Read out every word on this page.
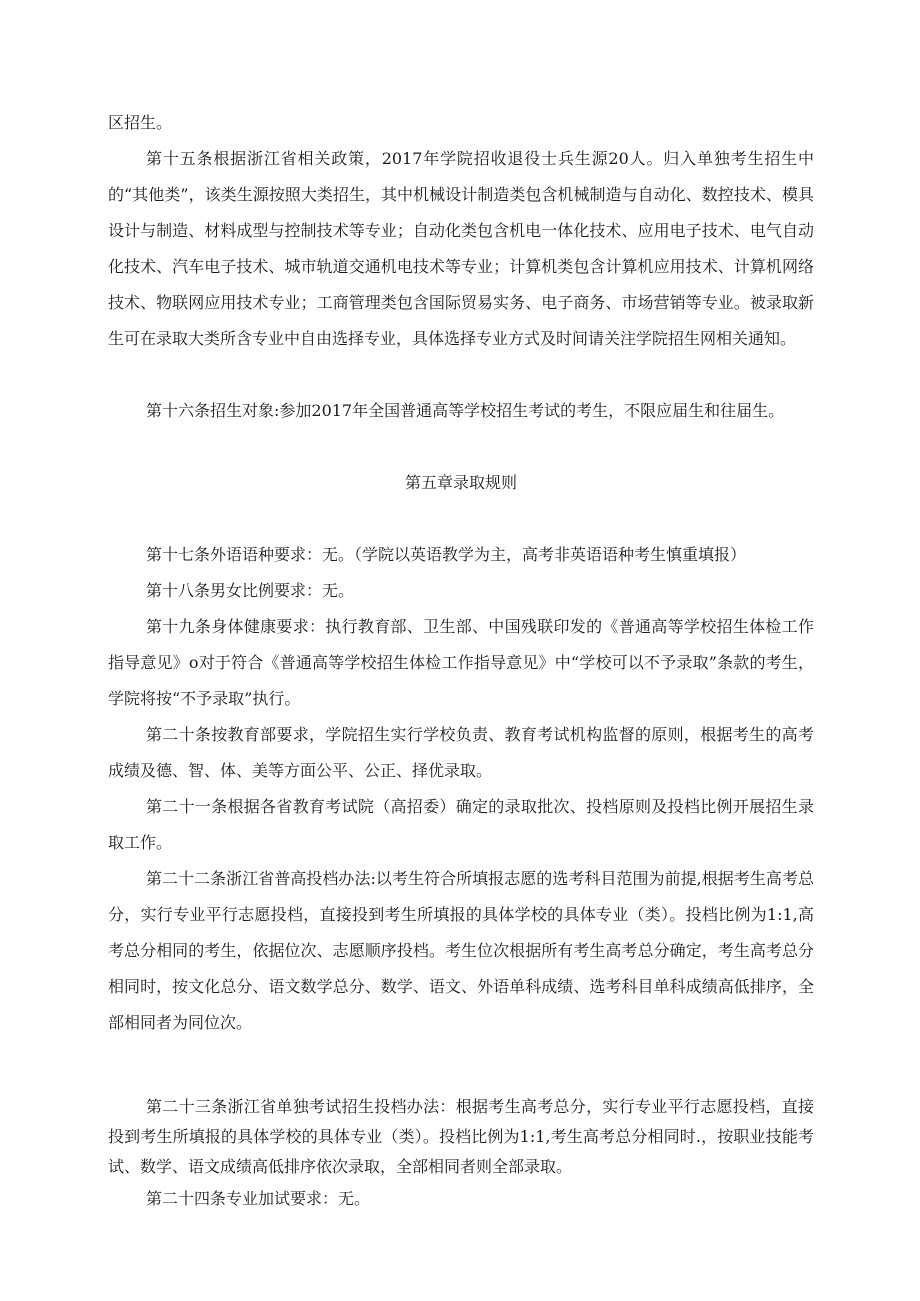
区招生。

第十五条根据浙江省相关政策，2017年学院招收退役士兵生源20人。归入单独考生招生中的“其他类”，该类生源按照大类招生，其中机械设计制造类包含机械制造与自动化、数控技术、模具设计与制造、材料成型与控制技术等专业；自动化类包含机电一体化技术、应用电子技术、电气自动化技术、汽车电子技术、城市轨道交通机电技术等专业；计算机类包含计算机应用技术、计算机网络技术、物联网应用技术专业；工商管理类包含国际贸易实务、电子商务、市场营销等专业。被录取新生可在录取大类所含专业中自由选择专业，具体选择专业方式及时间请关注学院招生网相关通知。

第十六条招生对象:参加2017年全国普通高等学校招生考试的考生，不限应届生和往届生。

第五章录取规则

第十七条外语语种要求：无。（学院以英语教学为主，高考非英语语种考生慎重填报）

第十八条男女比例要求：无。

第十九条身体健康要求：执行教育部、卫生部、中国残联印发的《普通高等学校招生体检工作指导意见》o对于符合《普通高等学校招生体检工作指导意见》中“学校可以不予录取”条款的考生，学院将按“不予录取”执行。

第二十条按教育部要求，学院招生实行学校负责、教育考试机构监督的原则，根据考生的高考成绩及德、智、体、美等方面公平、公正、择优录取。

第二十一条根据各省教育考试院（高招委）确定的录取批次、投档原则及投档比例开展招生录取工作。

第二十二条浙江省普高投档办法:以考生符合所填报志愿的选考科目范围为前提,根据考生高考总分，实行专业平行志愿投档，直接投到考生所填报的具体学校的具体专业（类）。投档比例为1:1,高考总分相同的考生，依据位次、志愿顺序投档。考生位次根据所有考生高考总分确定，考生高考总分相同时，按文化总分、语文数学总分、数学、语文、外语单科成绩、选考科目单科成绩高低排序，全部相同者为同位次。

第二十三条浙江省单独考试招生投档办法：根据考生高考总分，实行专业平行志愿投档，直接投到考生所填报的具体学校的具体专业（类）。投档比例为1:1,考生高考总分相同时.，按职业技能考试、数学、语文成绩高低排序依次录取，全部相同者则全部录取。

第二十四条专业加试要求：无。
